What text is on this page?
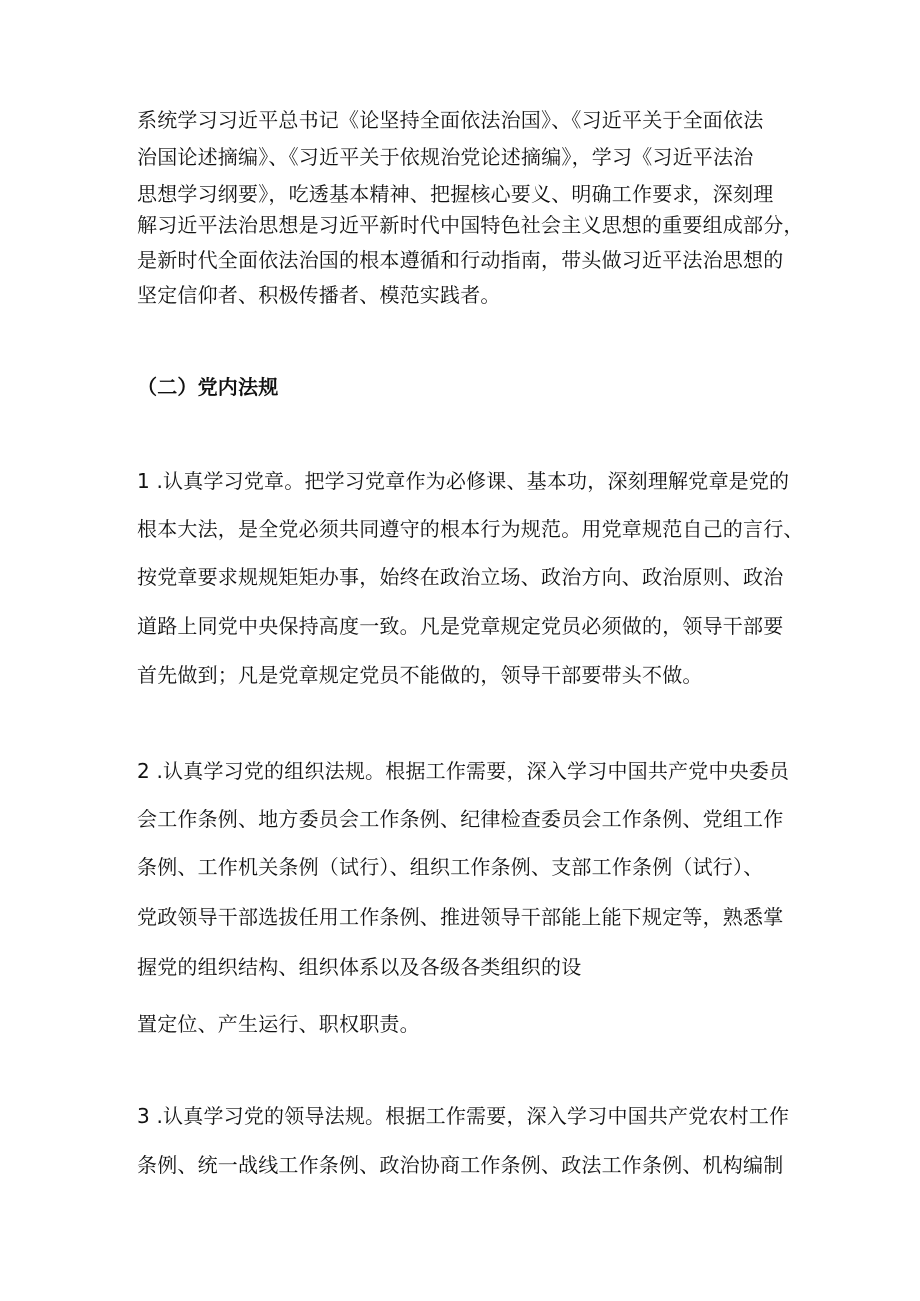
系统学习习近平总书记《论坚持全面依法治国》、《习近平关于全面依法
治国论述摘编》、《习近平关于依规治党论述摘编》，学习《习近平法治
思想学习纲要》，吃透基本精神、把握核心要义、明确工作要求，深刻理
解习近平法治思想是习近平新时代中国特色社会主义思想的重要组成部分，
是新时代全面依法治国的根本遵循和行动指南，带头做习近平法治思想的
坚定信仰者、积极传播者、模范实践者。
（二）党内法规
1 .认真学习党章。把学习党章作为必修课、基本功，深刻理解党章是党的
根本大法，是全党必须共同遵守的根本行为规范。用党章规范自己的言行、
按党章要求规规矩矩办事，始终在政治立场、政治方向、政治原则、政治
道路上同党中央保持高度一致。凡是党章规定党员必须做的，领导干部要
首先做到；凡是党章规定党员不能做的，领导干部要带头不做。
2 .认真学习党的组织法规。根据工作需要，深入学习中国共产党中央委员
会工作条例、地方委员会工作条例、纪律检查委员会工作条例、党组工作
条例、工作机关条例（试行）、组织工作条例、支部工作条例（试行）、
党政领导干部选拔任用工作条例、推进领导干部能上能下规定等，熟悉掌
握党的组织结构、组织体系以及各级各类组织的设
置定位、产生运行、职权职责。
3 .认真学习党的领导法规。根据工作需要，深入学习中国共产党农村工作
条例、统一战线工作条例、政治协商工作条例、政法工作条例、机构编制
